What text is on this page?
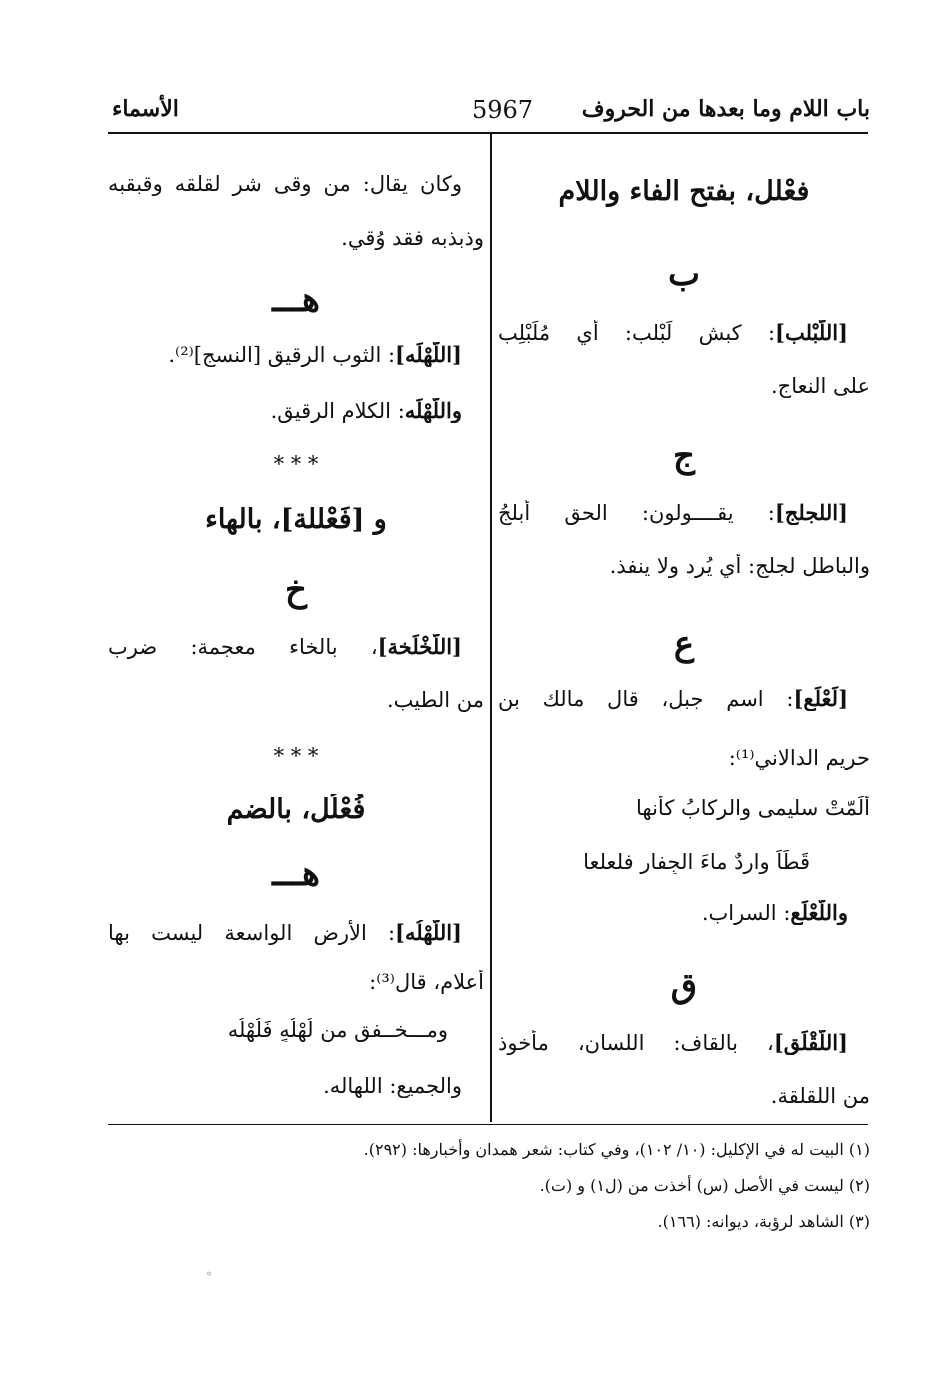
باب اللام وما بعدها من الحروف
5967
الأسماء
فعْلل، بفتح الفاء واللام
ب
[اللّبْلب]: كبش لَبْلب: أي مُلَبْلِب
على النعاج.
ج
[اللجلج]: يقــــولون: الحق أبلجُ
والباطل لجلج: أي يُرد ولا ينفذ.
ع
[لَعْلَع]: اسم جبل، قال مالك بن
حريم الدالاني⁽¹⁾:
أَلَمّتْ سليمى والركابُ كأنها
قَطَاً واردٌ ماءَ الجِفارِ فلعلعا
واللَّعْلَع: السراب.
ق
[اللَّقْلَق]، بالقاف: اللسان، مأخوذ
من اللقلقة.
وكان يقال: من وقى شر لقلقه وقبقبه
وذبذبه فقد وُقي.
هـــ
[اللَّهْلَه]: الثوب الرقيق [النسج]⁽²⁾.
واللَّهْلَه: الكلام الرقيق.
* * *
و [فَعْللة]، بالهاء
خ
[اللَّخْلَخة]، بالخاء معجمة: ضرب
من الطيب.
* * *
فُعْلُل، بالضم
هـــ
[اللُّهْلُه]: الأرض الواسعة ليست بها
أعلام، قال⁽³⁾:
ومـــخــفق من لُهْلُهٍ فَلُهْلُه
والجميع: اللهاله.
(١) البيت له في الإكليل: (١٠/ ١٠٢)، وفي كتاب: شعر همدان وأخبارها: (٢٩٢).
(٢) ليست في الأصل (س) أخذت من (ل١) و (ت).
(٣) الشاهد لرؤبة، ديوانه: (١٦٦).
°
